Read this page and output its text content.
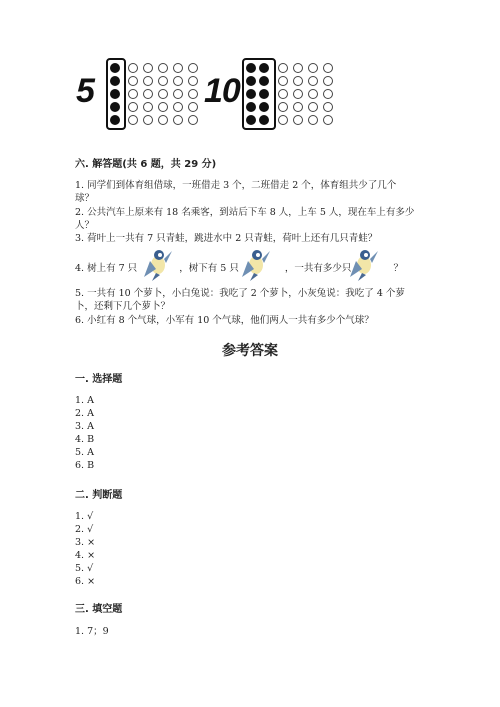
5	10
六. 解答题(共 6 题，共 29 分)
1. 同学们到体育组借球，一班借走 3 个，二班借走 2 个，体育组共少了几个
球？
2. 公共汽车上原来有 18 名乘客，到站后下车 8 人，上车 5 人，现在车上有多少
人？
3. 荷叶上一共有 7 只青蛙，跳进水中 2 只青蛙，荷叶上还有几只青蛙？
4. 树上有 7 只	，树下有 5 只	，一共有多少只	？
5. 一共有 10 个萝卜，小白兔说：我吃了 2 个萝卜，小灰兔说：我吃了 4 个萝
卜，还剩下几个萝卜？
6. 小红有 8 个气球，小军有 10 个气球，他们两人一共有多少个气球？
参考答案
一. 选择题
1. A
2. A
3. A
4. B
5. A
6. B
二. 判断题
1. √
2. √
3. ×
4. ×
5. √
6. ×
三. 填空题
1. 7；9
